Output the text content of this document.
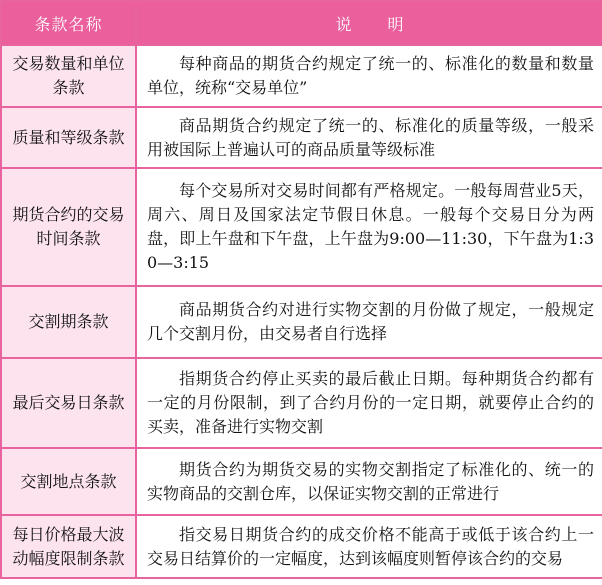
条款名称	说 明

交易数量和单位
条款	每种商品的期货合约规定了统一的、标准化的数量和数量单位，统称“交易单位”

质量和等级条款	商品期货合约规定了统一的、标准化的质量等级，一般采用被国际上普遍认可的商品质量等级标准

期货合约的交易
时间条款	每个交易所对交易时间都有严格规定。一般每周营业5天，周六、周日及国家法定节假日休息。一般每个交易日分为两盘，即上午盘和下午盘，上午盘为9:00—11:30，下午盘为1:30—3:15

交割期条款	商品期货合约对进行实物交割的月份做了规定，一般规定几个交割月份，由交易者自行选择

最后交易日条款	指期货合约停止买卖的最后截止日期。每种期货合约都有一定的月份限制，到了合约月份的一定日期，就要停止合约的买卖，准备进行实物交割

交割地点条款	期货合约为期货交易的实物交割指定了标准化的、统一的实物商品的交割仓库，以保证实物交割的正常进行

每日价格最大波
动幅度限制条款	指交易日期货合约的成交价格不能高于或低于该合约上一交易日结算价的一定幅度，达到该幅度则暂停该合约的交易
